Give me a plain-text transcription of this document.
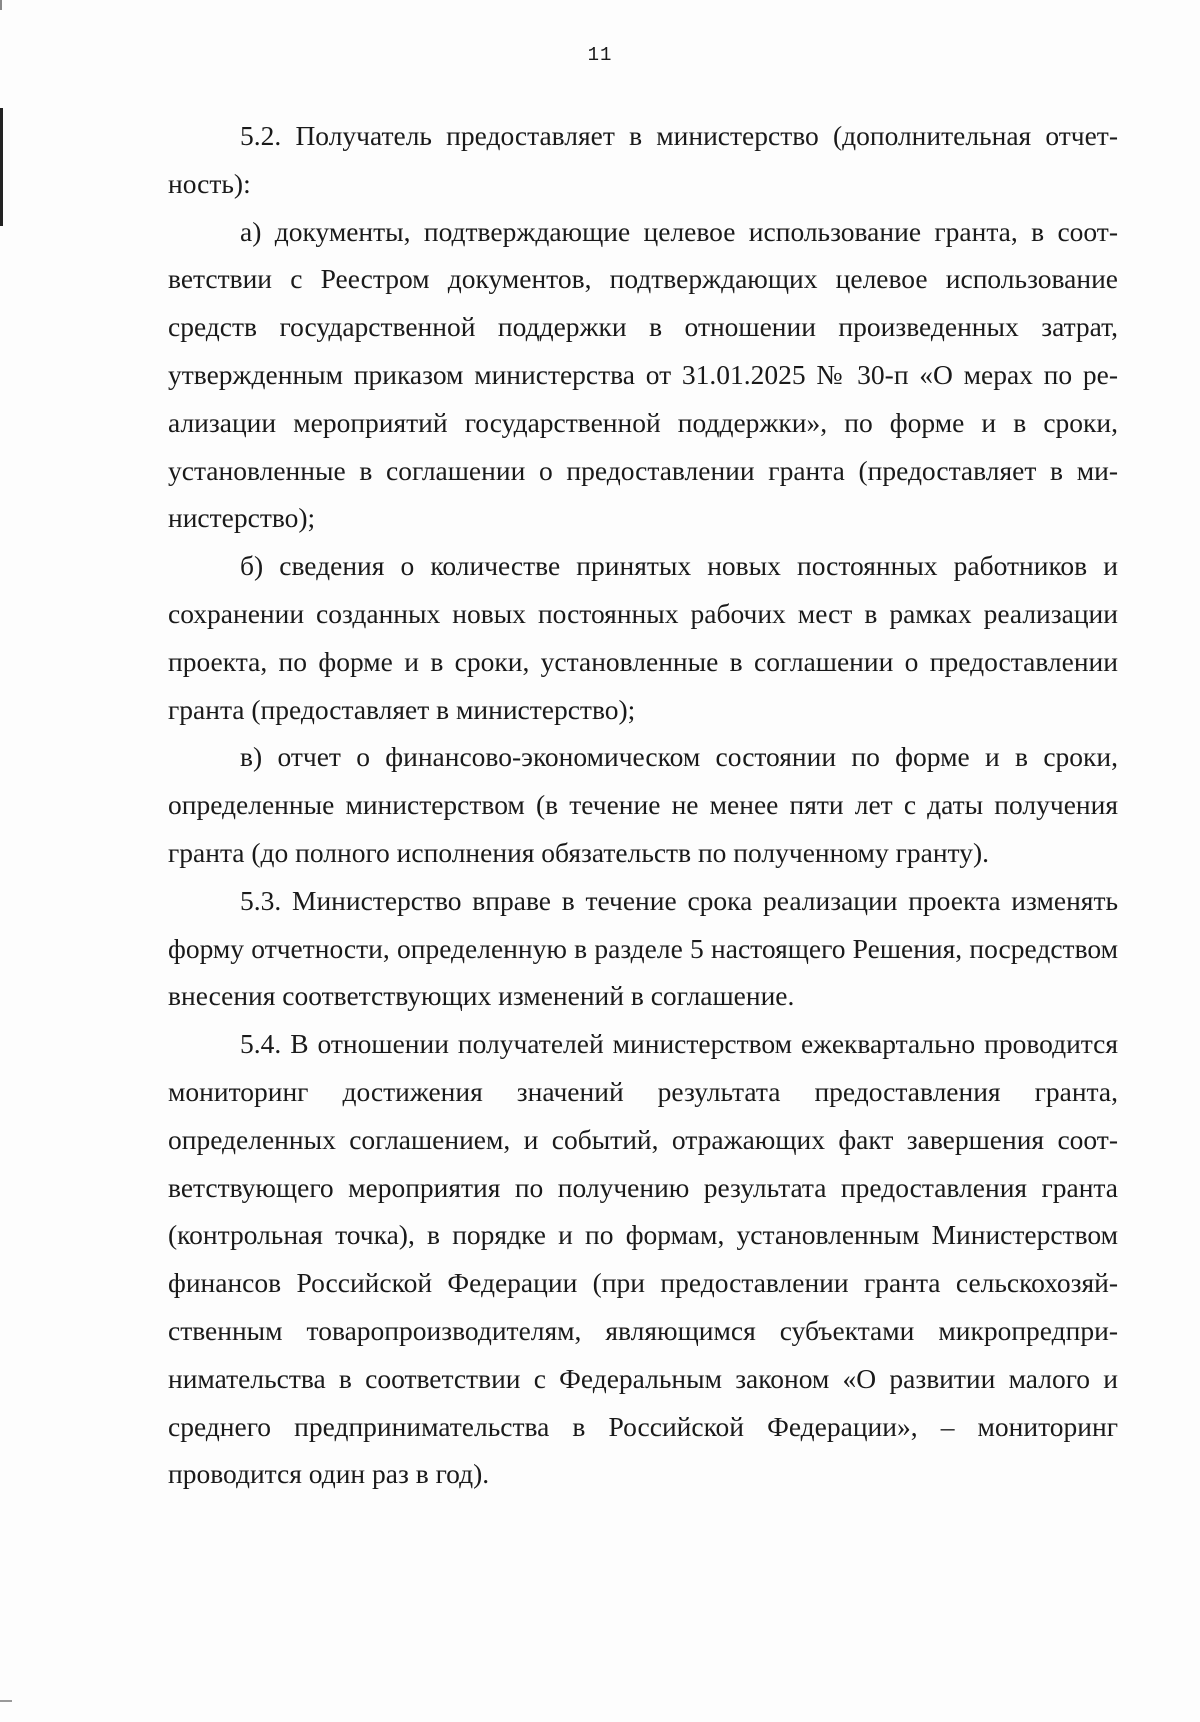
11

5.2. Получатель предоставляет в министерство (дополнительная отчетность):

а) документы, подтверждающие целевое использование гранта, в соответствии с Реестром документов, подтверждающих целевое использование средств государственной поддержки в отношении произведенных затрат, утвержденным приказом министерства от 31.01.2025 № 30-п «О мерах по реализации мероприятий государственной поддержки», по форме и в сроки, установленные в соглашении о предоставлении гранта (предоставляет в министерство);

б) сведения о количестве принятых новых постоянных работников и сохранении созданных новых постоянных рабочих мест в рамках реализации проекта, по форме и в сроки, установленные в соглашении о предоставлении гранта (предоставляет в министерство);

в) отчет о финансово-экономическом состоянии по форме и в сроки, определенные министерством (в течение не менее пяти лет с даты получения гранта (до полного исполнения обязательств по полученному гранту).

5.3. Министерство вправе в течение срока реализации проекта изменять форму отчетности, определенную в разделе 5 настоящего Решения, посредством внесения соответствующих изменений в соглашение.

5.4. В отношении получателей министерством ежеквартально проводится мониторинг достижения значений результата предоставления гранта, определенных соглашением, и событий, отражающих факт завершения соответствующего мероприятия по получению результата предоставления гранта (контрольная точка), в порядке и по формам, установленным Министерством финансов Российской Федерации (при предоставлении гранта сельскохозяйственным товаропроизводителям, являющимся субъектами микропредпринимательства в соответствии с Федеральным законом «О развитии малого и среднего предпринимательства в Российской Федерации», – мониторинг проводится один раз в год).
